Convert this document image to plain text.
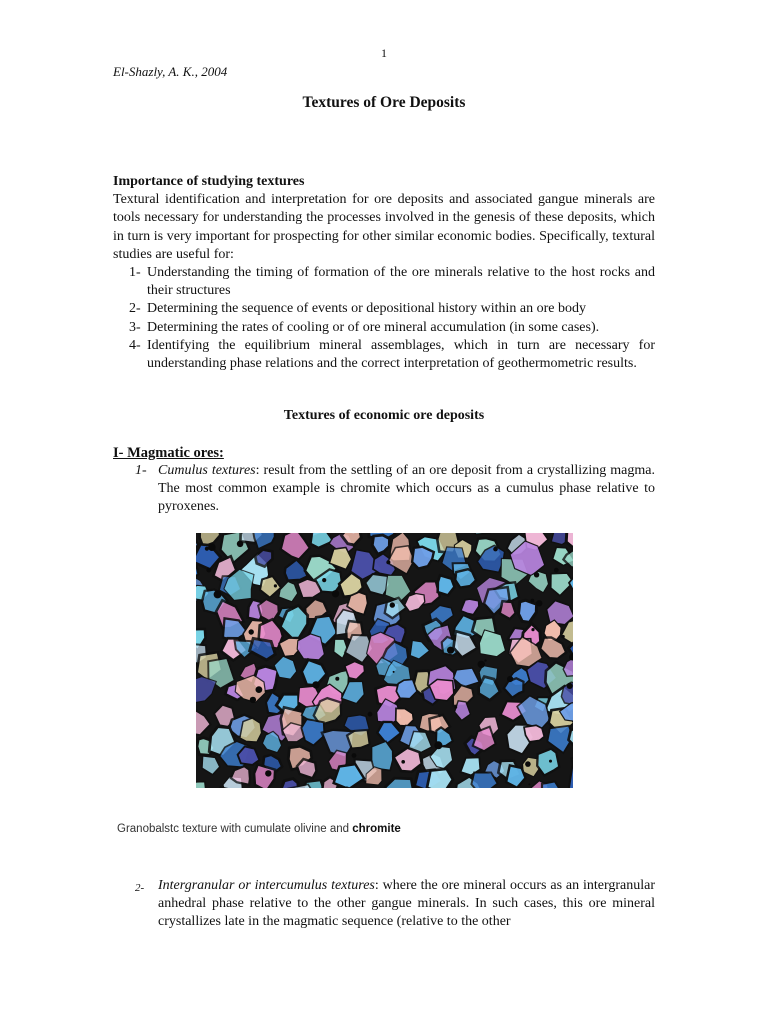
1
El-Shazly, A. K., 2004
Textures of Ore Deposits
Importance of studying textures
Textural identification and interpretation for ore deposits and associated gangue minerals are tools necessary for understanding the processes involved in the genesis of these deposits, which in turn is very important for prospecting for other similar economic bodies. Specifically, textural studies are useful for:
1- Understanding the timing of formation of the ore minerals relative to the host rocks and their structures
2- Determining the sequence of events or depositional history within an ore body
3- Determining the rates of cooling or of ore mineral accumulation (in some cases).
4- Identifying the equilibrium mineral assemblages, which in turn are necessary for understanding phase relations and the correct interpretation of geothermometric results.
Textures of economic ore deposits
I- Magmatic ores:
1- Cumulus textures: result from the settling of an ore deposit from a crystallizing magma. The most common example is chromite which occurs as a cumulus phase relative to pyroxenes.
Granobalstc texture with cumulate olivine and chromite
2- Intergranular or intercumulus textures: where the ore mineral occurs as an intergranular anhedral phase relative to the other gangue minerals. In such cases, this ore mineral crystallizes late in the magmatic sequence (relative to the other
